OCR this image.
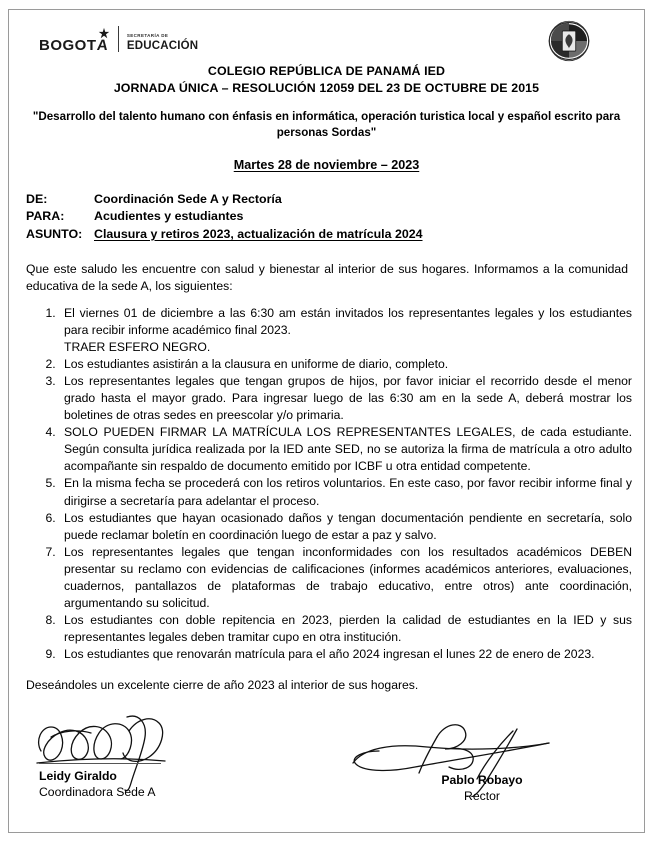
BOGOTA
SECRETARÍA DE
EDUCACIÓN
COLEGIO REPÚBLICA DE PANAMÁ IED
JORNADA ÚNICA – RESOLUCIÓN 12059 DEL 23 DE OCTUBRE DE 2015
"Desarrollo del talento humano con énfasis en informática, operación turistica local y español escrito para personas Sordas"
Martes 28 de noviembre – 2023
DE:	Coordinación Sede A y Rectoría
PARA:	Acudientes y estudiantes
ASUNTO: Clausura y retiros 2023, actualización de matrícula 2024
Que este saludo les encuentre con salud y bienestar al interior de sus hogares. Informamos a la comunidad educativa de la sede A, los siguientes:
1. El viernes 01 de diciembre a las 6:30 am están invitados los representantes legales y los estudiantes para recibir informe académico final 2023.
TRAER ESFERO NEGRO.
2. Los estudiantes asistirán a la clausura en uniforme de diario, completo.
3. Los representantes legales que tengan grupos de hijos, por favor iniciar el recorrido desde el menor grado hasta el mayor grado. Para ingresar luego de las 6:30 am en la sede A, deberá mostrar los boletines de otras sedes en preescolar y/o primaria.
4. SOLO PUEDEN FIRMAR LA MATRÍCULA LOS REPRESENTANTES LEGALES, de cada estudiante. Según consulta jurídica realizada por la IED ante SED, no se autoriza la firma de matrícula a otro adulto acompañante sin respaldo de documento emitido por ICBF u otra entidad competente.
5. En la misma fecha se procederá con los retiros voluntarios. En este caso, por favor recibir informe final y dirigirse a secretaría para adelantar el proceso.
6. Los estudiantes que hayan ocasionado daños y tengan documentación pendiente en secretaría, solo puede reclamar boletín en coordinación luego de estar a paz y salvo.
7. Los representantes legales que tengan inconformidades con los resultados académicos DEBEN presentar su reclamo con evidencias de calificaciones (informes académicos anteriores, evaluaciones, cuadernos, pantallazos de plataformas de trabajo educativo, entre otros) ante coordinación, argumentando su solicitud.
8. Los estudiantes con doble repitencia en 2023, pierden la calidad de estudiantes en la IED y sus representantes legales deben tramitar cupo en otra institución.
9. Los estudiantes que renovarán matrícula para el año 2024 ingresan el lunes 22 de enero de 2023.
Deseándoles un excelente cierre de año 2023 al interior de sus hogares.
Leidy Giraldo
Coordinadora Sede A
Pablo Robayo
Rector
